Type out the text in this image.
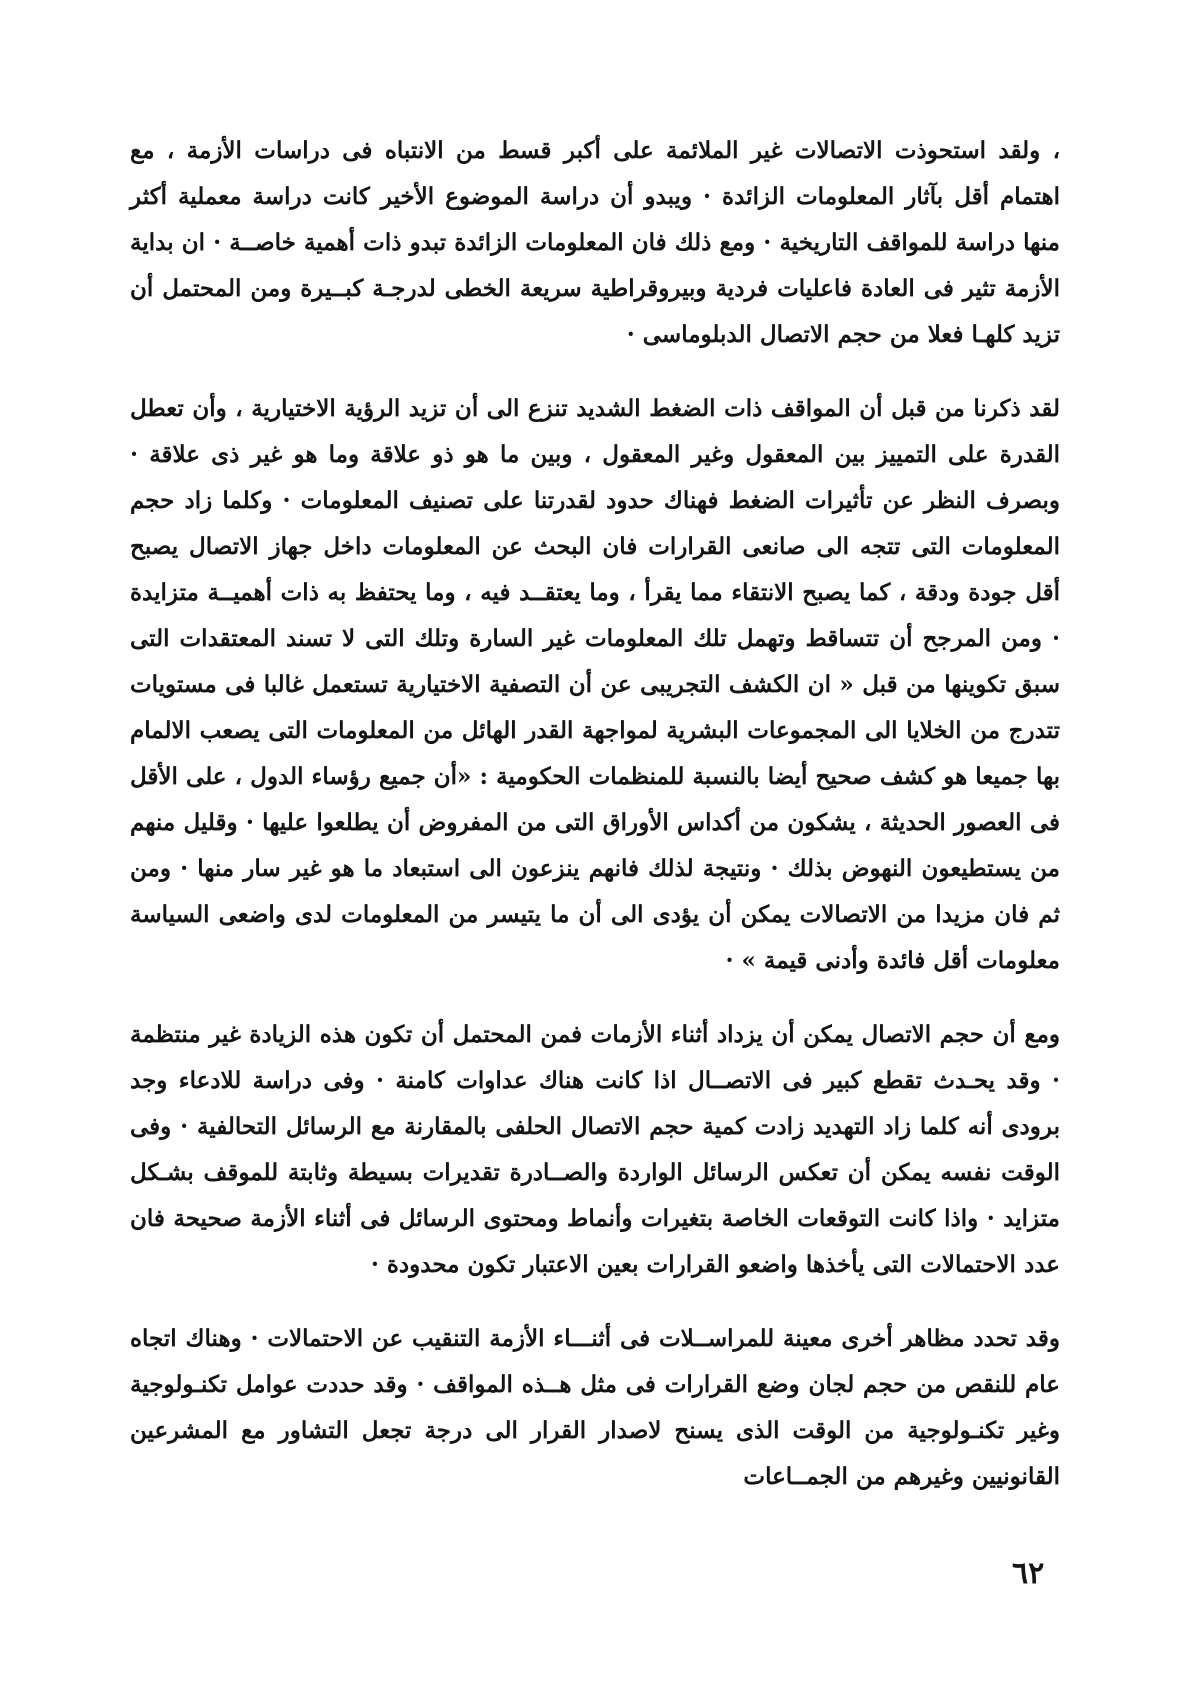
، ولقد استحوذت الاتصالات غير الملائمة على أكبر قسط من الانتباه فى دراسات الأزمة ، مع اهتمام أقل بآثار المعلومات الزائدة · ويبدو أن دراسة الموضوع الأخير كانت دراسة معملية أكثر منها دراسة للمواقف التاريخية · ومع ذلك فان المعلومات الزائدة تبدو ذات أهمية خاصــة · ان بداية الأزمة تثير فى العادة فاعليات فردية وبيروقراطية سريعة الخطى لدرجـة كبــيرة ومن المحتمل أن تزيد كلهـا فعلا من حجم الاتصال الدبلوماسى ·

لقد ذكرنا من قبل أن المواقف ذات الضغط الشديد تنزع الى أن تزيد الرؤية الاختيارية ، وأن تعطل القدرة على التمييز بين المعقول وغير المعقول ، وبين ما هو ذو علاقة وما هو غير ذى علاقة · وبصرف النظر عن تأثيرات الضغط فهناك حدود لقدرتنا على تصنيف المعلومات · وكلما زاد حجم المعلومات التى تتجه الى صانعى القرارات فان البحث عن المعلومات داخل جهاز الاتصال يصبح أقل جودة ودقة ، كما يصبح الانتقاء مما يقرأ ، وما يعتقــد فيه ، وما يحتفظ به ذات أهميــة متزايدة · ومن المرجح أن تتساقط وتهمل تلك المعلومات غير السارة وتلك التى لا تسند المعتقدات التى سبق تكوينها من قبل « ان الكشف التجريبى عن أن التصفية الاختيارية تستعمل غالبا فى مستويات تتدرج من الخلايا الى المجموعات البشرية لمواجهة القدر الهائل من المعلومات التى يصعب الالمام بها جميعا هو كشف صحيح أيضا بالنسبة للمنظمات الحكومية : «أن جميع رؤساء الدول ، على الأقل فى العصور الحديثة ، يشكون من أكداس الأوراق التى من المفروض أن يطلعوا عليها · وقليل منهم من يستطيعون النهوض بذلك · ونتيجة لذلك فانهم ينزعون الى استبعاد ما هو غير سار منها · ومن ثم فان مزيدا من الاتصالات يمكن أن يؤدى الى أن ما يتيسر من المعلومات لدى واضعى السياسة معلومات أقل فائدة وأدنى قيمة » ·

ومع أن حجم الاتصال يمكن أن يزداد أثناء الأزمات فمن المحتمل أن تكون هذه الزيادة غير منتظمة · وقد يحـدث تقطع كبير فى الاتصــال اذا كانت هناك عداوات كامنة · وفى دراسة للادعاء وجد برودى أنه كلما زاد التهديد زادت كمية حجم الاتصال الحلفى بالمقارنة مع الرسائل التحالفية · وفى الوقت نفسه يمكن أن تعكس الرسائل الواردة والصــادرة تقديرات بسيطة وثابتة للموقف بشـكل متزايد · واذا كانت التوقعات الخاصة بتغيرات وأنماط ومحتوى الرسائل فى أثناء الأزمة صحيحة فان عدد الاحتمالات التى يأخذها واضعو القرارات بعين الاعتبار تكون محدودة ·

وقد تحدد مظاهر أخرى معينة للمراســلات فى أثنـــاء الأزمة التنقيب عن الاحتمالات · وهناك اتجاه عام للنقص من حجم لجان وضع القرارات فى مثل هــذه المواقف · وقد حددت عوامل تكنـولوجية وغير تكنـولوجية من الوقت الذى يسنح لاصدار القرار الى درجة تجعل التشاور مع المشرعين القانونيين وغيرهم من الجمــاعات

٦٢
